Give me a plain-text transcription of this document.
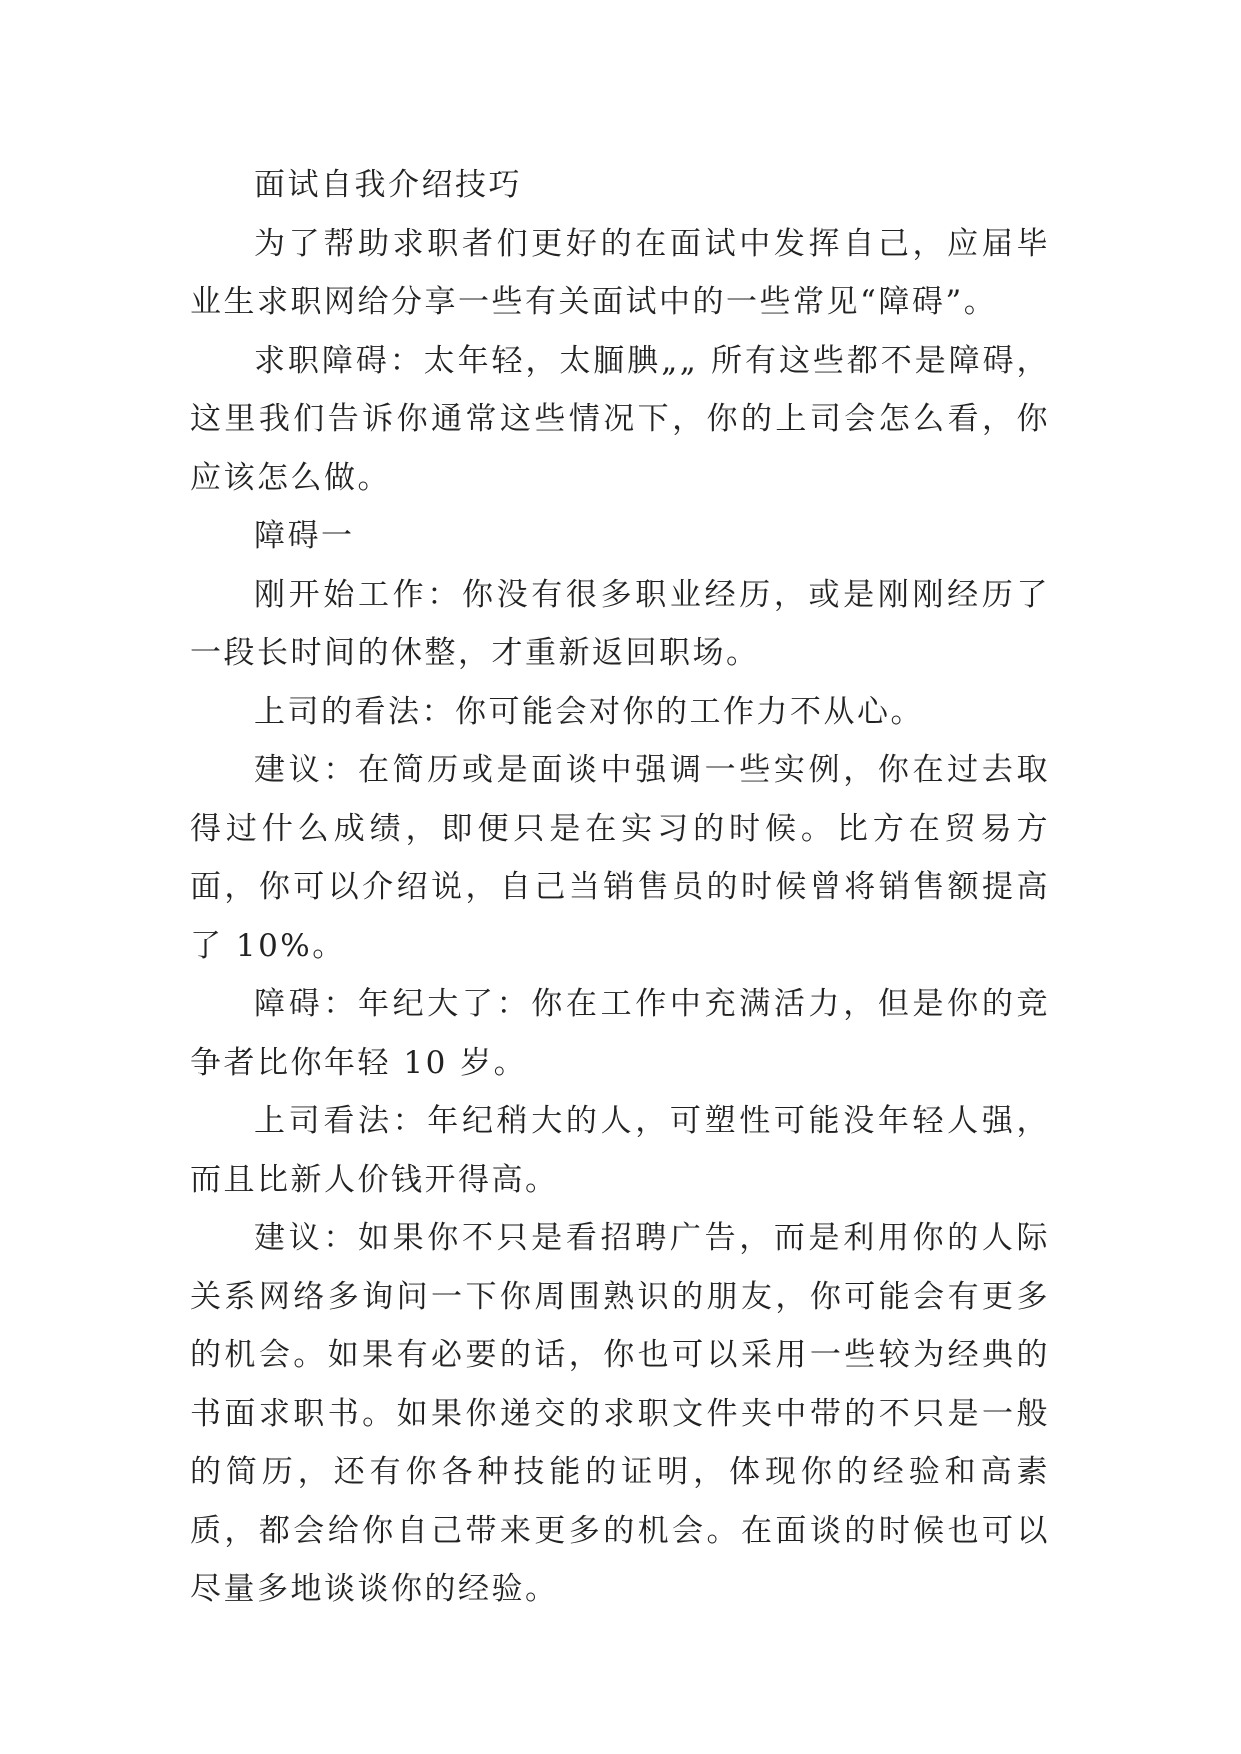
面试自我介绍技巧

为了帮助求职者们更好的在面试中发挥自己，应届毕业生求职网给分享一些有关面试中的一些常见“障碍”。

求职障碍：太年轻，太腼腆„„ 所有这些都不是障碍，这里我们告诉你通常这些情况下，你的上司会怎么看，你应该怎么做。

障碍一

刚开始工作：你没有很多职业经历，或是刚刚经历了一段长时间的休整，才重新返回职场。

上司的看法：你可能会对你的工作力不从心。

建议：在简历或是面谈中强调一些实例，你在过去取得过什么成绩，即便只是在实习的时候。比方在贸易方面，你可以介绍说，自己当销售员的时候曾将销售额提高了 10%。

障碍：年纪大了：你在工作中充满活力，但是你的竞争者比你年轻 10 岁。

上司看法：年纪稍大的人，可塑性可能没年轻人强，而且比新人价钱开得高。

建议：如果你不只是看招聘广告，而是利用你的人际关系网络多询问一下你周围熟识的朋友，你可能会有更多的机会。如果有必要的话，你也可以采用一些较为经典的书面求职书。如果你递交的求职文件夹中带的不只是一般的简历，还有你各种技能的证明，体现你的经验和高素质，都会给你自己带来更多的机会。在面谈的时候也可以尽量多地谈谈你的经验。
